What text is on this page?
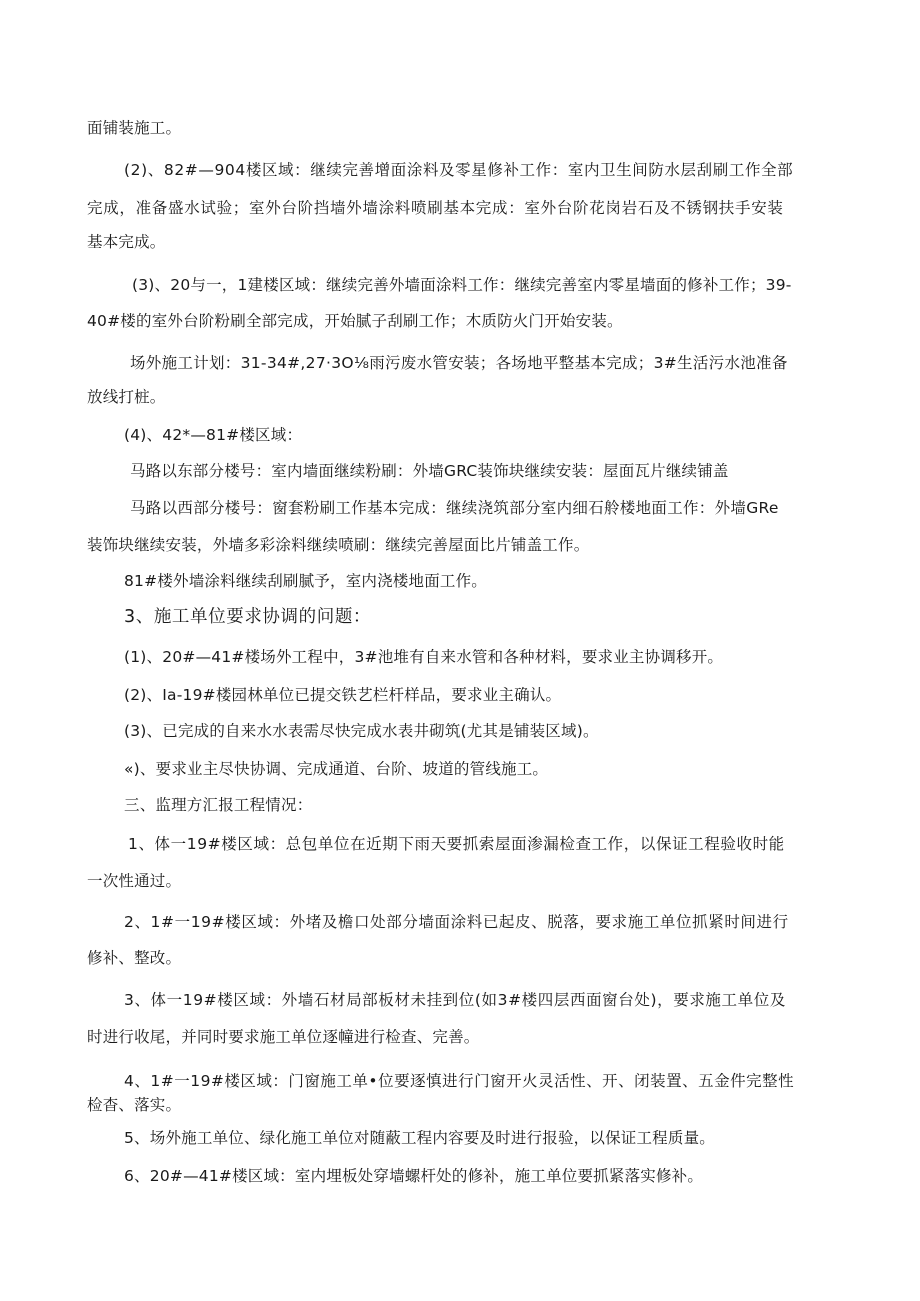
面铺装施工。
(2)、82#—904楼区域：继续完善增面涂料及零星修补工作：室内卫生间防水层刮刷工作全部
完成，准备盛水试验；室外台阶挡墙外墙涂料喷刷基本完成：室外台阶花岗岩石及不锈钢扶手安装
基本完成。
(3)、20与一，1建楼区域：继续完善外墙面涂料工作：继续完善室内零星墙面的修补工作；39-
40#楼的室外台阶粉刷全部完成，开始腻子刮刷工作；木质防火门开始安装。
场外施工计划：31-34#,27·3O⅛雨污废水管安装；各场地平整基本完成；3#生活污水池准备
放线打桩。
(4)、42*—81#楼区域：
马路以东部分楼号：室内墙面继续粉刷：外墙GRC装饰块继续安装：屋面瓦片继续铺盖
马路以西部分楼号：窗套粉刷工作基本完成：继续浇筑部分室内细石舲楼地面工作：外墙GRe
装饰块继续安装，外墙多彩涂料继续喷刷：继续完善屋面比片铺盖工作。
81#楼外墙涂料继续刮刷腻予，室内浇楼地面工作。
3、施工单位要求协调的问题：
(1)、20#—41#楼场外工程中，3#池堆有自来水管和各种材料，要求业主协调移开。
(2)、Ia-19#楼园林单位已提交铁艺栏杆样品，要求业主确认。
(3)、已完成的自来水水表需尽快完成水表井砌筑(尤其是铺装区域)。
«)、要求业主尽快协调、完成通道、台阶、坡道的管线施工。
三、监理方汇报工程情况：
1、体一19#楼区域：总包单位在近期下雨天要抓索屋面渗漏检查工作，以保证工程验收时能
一次性通过。
2、1#一19#楼区域：外堵及檐口处部分墙面涂料已起皮、脱落，要求施工单位抓紧时间进行
修补、整改。
3、体一19#楼区域：外墙石材局部板材未挂到位(如3#楼四层西面窗台处)，要求施工单位及
时进行收尾，并同时要求施工单位逐幢进行检查、完善。
4、1#一19#楼区域：门窗施工单•位要逐慎进行门窗开火灵活性、开、闭装置、五金件完整性
检杳、落实。
5、场外施工单位、绿化施工单位对随蔽工程内容要及时进行报验，以保证工程质量。
6、20#—41#楼区域：室内埋板处穿墙螺杆处的修补，施工单位要抓紧落实修补。
